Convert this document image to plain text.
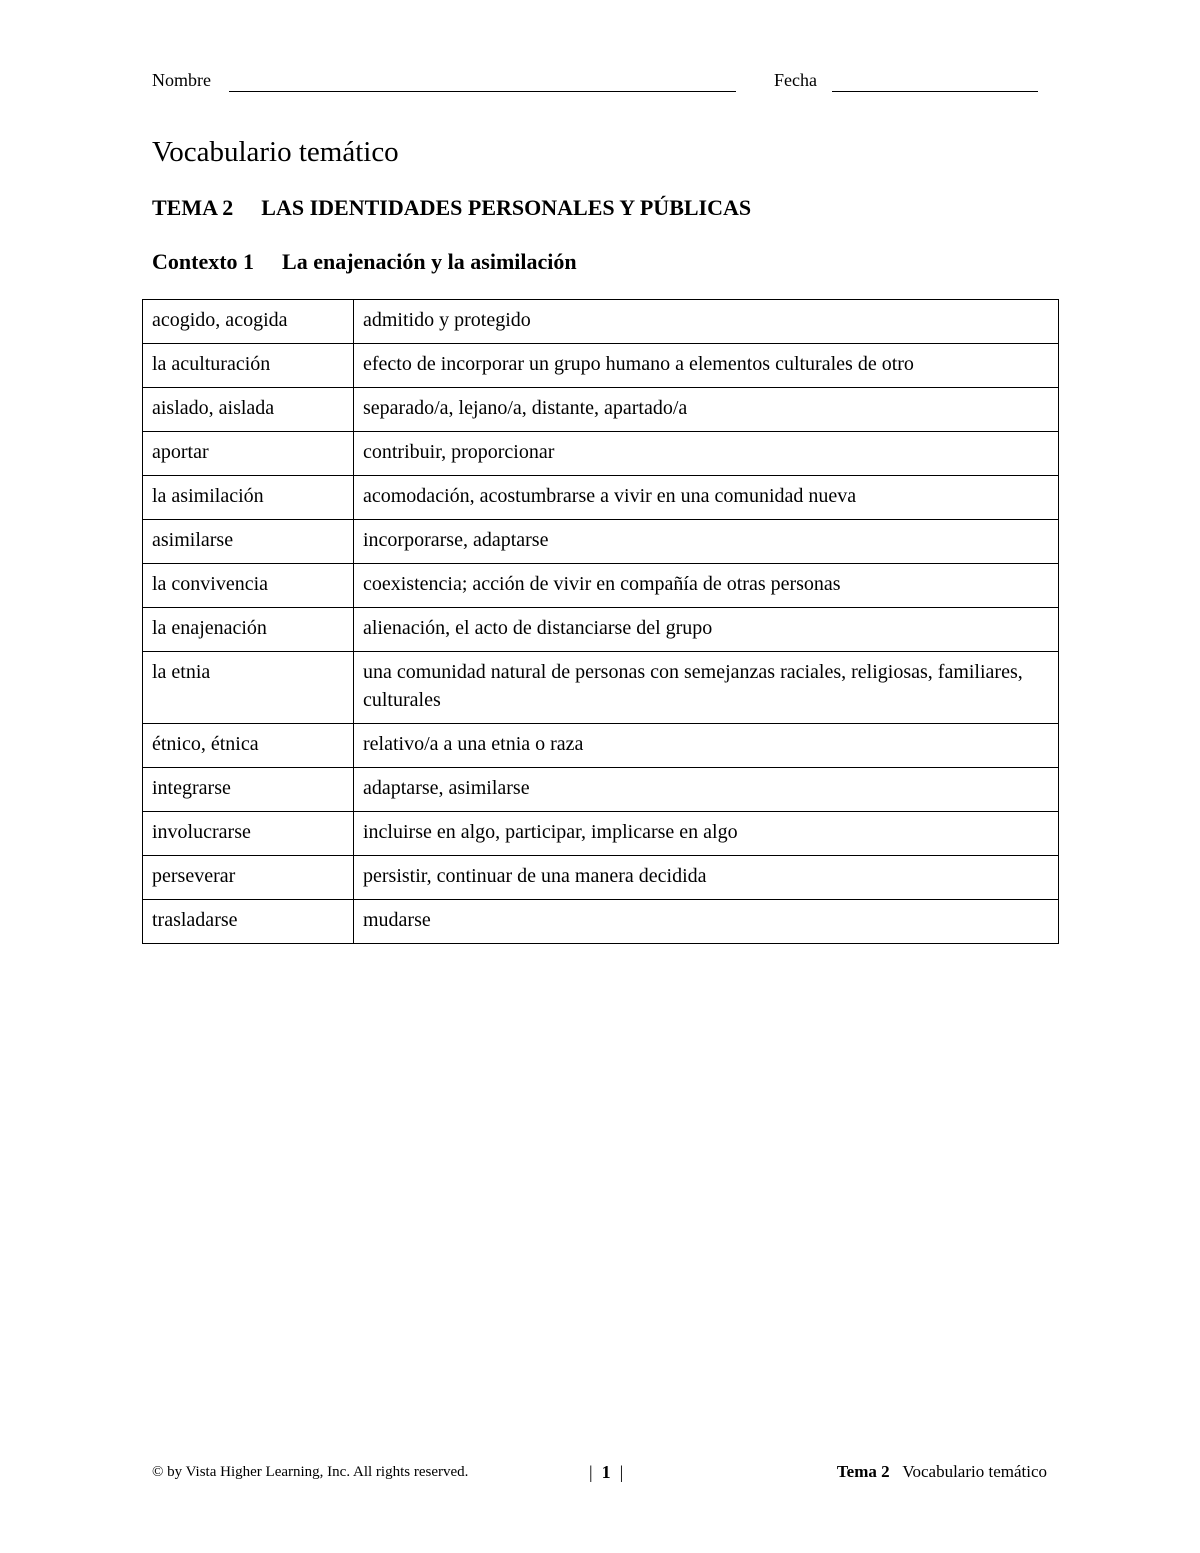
Nombre	Fecha
Vocabulario temático
TEMA 2 LAS IDENTIDADES PERSONALES Y PÚBLICAS
Contexto 1 La enajenación y la asimilación
acogido, acogida	admitido y protegido
la aculturación	efecto de incorporar un grupo humano a elementos culturales de otro
aislado, aislada	separado/a, lejano/a, distante, apartado/a
aportar	contribuir, proporcionar
la asimilación	acomodación, acostumbrarse a vivir en una comunidad nueva
asimilarse	incorporarse, adaptarse
la convivencia	coexistencia; acción de vivir en compañía de otras personas
la enajenación	alienación, el acto de distanciarse del grupo
la etnia	una comunidad natural de personas con semejanzas raciales, religiosas, familiares, culturales
étnico, étnica	relativo/a a una etnia o raza
integrarse	adaptarse, asimilarse
involucrarse	incluirse en algo, participar, implicarse en algo
perseverar	persistir, continuar de una manera decidida
trasladarse	mudarse
© by Vista Higher Learning, Inc. All rights reserved.	| 1 |	Tema 2 Vocabulario temático
